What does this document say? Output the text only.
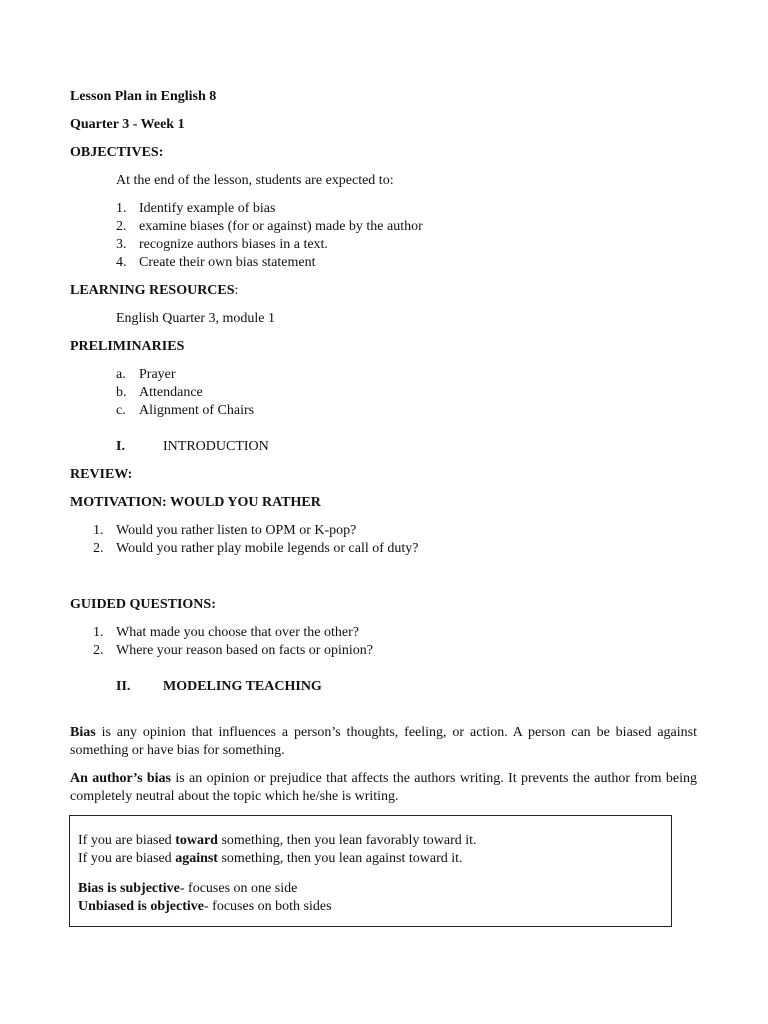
Lesson Plan in English 8
Quarter 3 - Week 1
OBJECTIVES:
At the end of the lesson, students are expected to:
1. Identify example of bias
2. examine biases (for or against) made by the author
3. recognize authors biases in a text.
4. Create their own bias statement
LEARNING RESOURCES:
English Quarter 3, module 1
PRELIMINARIES
a. Prayer
b. Attendance
c. Alignment of Chairs
I.	INTRODUCTION
REVIEW:
MOTIVATION: WOULD YOU RATHER
1. Would you rather listen to OPM or K-pop?
2. Would you rather play mobile legends or call of duty?
GUIDED QUESTIONS:
1. What made you choose that over the other?
2. Where your reason based on facts or opinion?
II. MODELING TEACHING
Bias is any opinion that influences a person’s thoughts, feeling, or action. A person can be biased against something or have bias for something.
An author’s bias is an opinion or prejudice that affects the authors writing. It prevents the author from being completely neutral about the topic which he/she is writing.
If you are biased toward something, then you lean favorably toward it.
If you are biased against something, then you lean against toward it.
Bias is subjective- focuses on one side
Unbiased is objective- focuses on both sides
